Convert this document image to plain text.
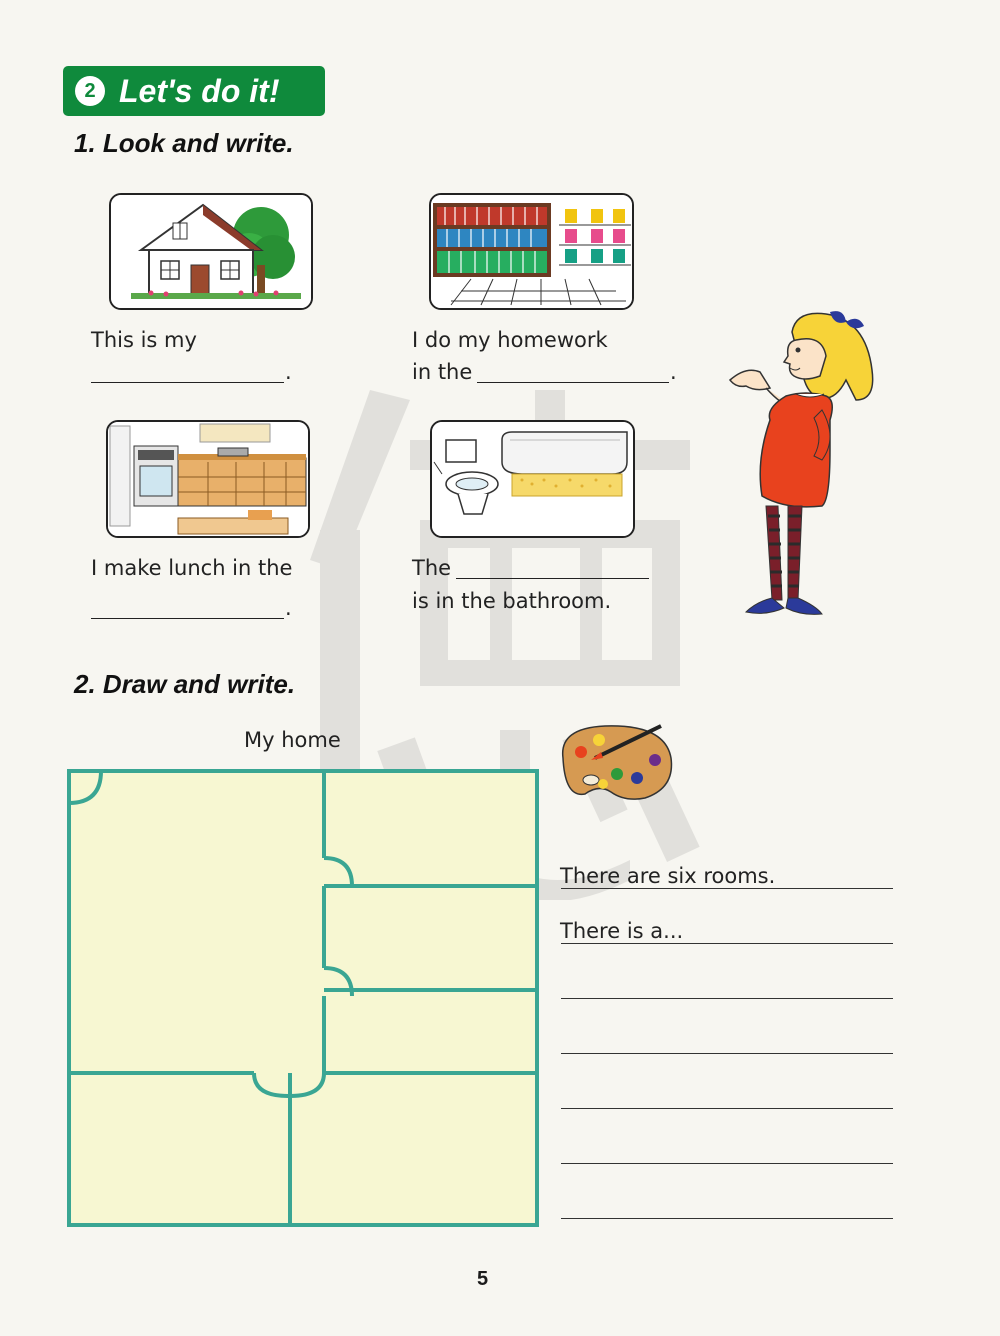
2 Let's do it!
1. Look and write.
This is my
.
I do my homework
in the	.
I make lunch in the
.
The
is in the bathroom.
2. Draw and write.
My home
There are six rooms.
There is a...
5
